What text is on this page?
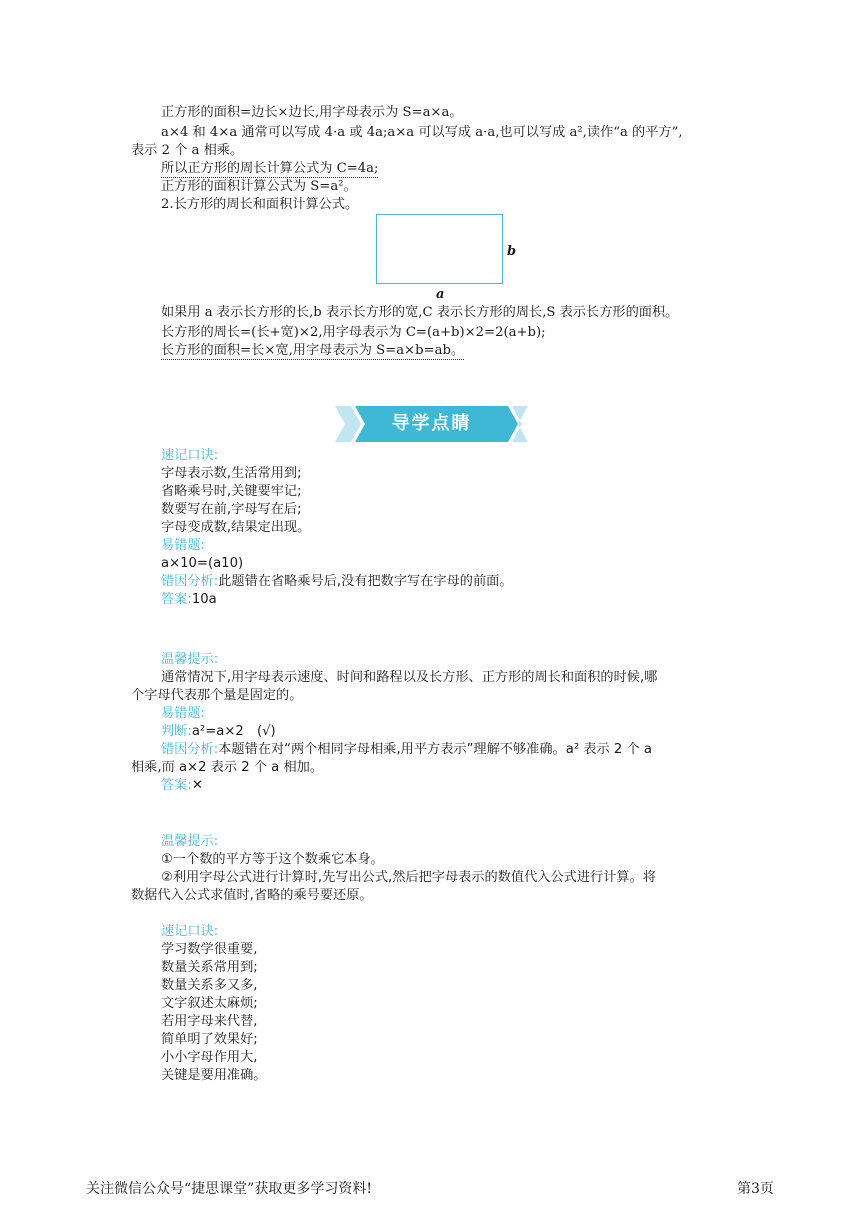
正方形的面积=边长×边长,用字母表示为 S=a×a。
a×4 和 4×a 通常可以写成 4·a 或 4a;a×a 可以写成 a·a,也可以写成 a²,读作“a 的平方”,
表示 2 个 a 相乘。
所以正方形的周长计算公式为 C=4a;
正方形的面积计算公式为 S=a²。
2.长方形的周长和面积计算公式。
b
a
如果用 a 表示长方形的长,b 表示长方形的宽,C 表示长方形的周长,S 表示长方形的面积。
长方形的周长=(长+宽)×2,用字母表示为 C=(a+b)×2=2(a+b);
长方形的面积=长×宽,用字母表示为 S=a×b=ab。
导学点睛
速记口诀:
字母表示数,生活常用到;
省略乘号时,关键要牢记;
数要写在前,字母写在后;
字母变成数,结果定出现。
易错题:
a×10=(a10)
错因分析:此题错在省略乘号后,没有把数字写在字母的前面。
答案:10a
温馨提示:
通常情况下,用字母表示速度、时间和路程以及长方形、正方形的周长和面积的时候,哪
个字母代表那个量是固定的。
易错题:
判断:a²=a×2　(√)
错因分析:本题错在对“两个相同字母相乘,用平方表示”理解不够准确。a² 表示 2 个 a
相乘,而 a×2 表示 2 个 a 相加。
答案:✕
温馨提示:
①一个数的平方等于这个数乘它本身。
②利用字母公式进行计算时,先写出公式,然后把字母表示的数值代入公式进行计算。将
数据代入公式求值时,省略的乘号要还原。
速记口诀:
学习数学很重要,
数量关系常用到;
数量关系多又多,
文字叙述太麻烦;
若用字母来代替,
简单明了效果好;
小小字母作用大,
关键是要用准确。
关注微信公众号“捷思课堂”获取更多学习资料!	第3页
